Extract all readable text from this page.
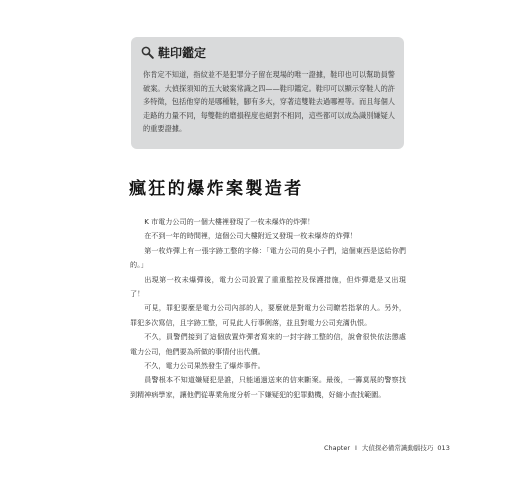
鞋印鑑定
你肯定不知道，指紋並不是犯罪分子留在現場的唯一證據，鞋印也可以幫助員警破案。大偵探須知的五大破案常識之四——鞋印鑑定。鞋印可以顯示穿鞋人的許多特徵，包括他穿的是哪種鞋，腳有多大，穿著這雙鞋去過哪裡等。而且每個人走路的力量不同，每雙鞋的磨損程度也絕對不相同，這些都可以成為識別嫌疑人的重要證據。
瘋狂的爆炸案製造者

K 市電力公司的一個大樓裡發現了一枚未爆炸的炸彈！

在不到一年的時間裡，這個公司大樓附近又發現一枚未爆炸的炸彈！

第一枚炸彈上有一張字跡工整的字條：「電力公司的臭小子們，這個東西是送給你們的。」

出現第一枚未爆彈後，電力公司設置了重重監控及保護措施，但炸彈還是又出現了！

可見，罪犯要麼是電力公司內部的人，要麼就是對電力公司瞭若指掌的人。另外，罪犯多次寫信，且字跡工整，可見此人行事俐落，並且對電力公司充滿仇恨。

不久，員警們接到了這個放置炸彈者寫來的一封字跡工整的信，說會很快依法懲處電力公司，他們要為所做的事情付出代價。

不久，電力公司果然發生了爆炸事件。

員警根本不知道嫌疑犯是誰，只能通過送來的信來斷案。最後，一籌莫展的警察找到精神病學家，讓他們從專業角度分析一下嫌疑犯的犯罪動機，好縮小查找範圍。

Chapter I 大偵探必備常識動腦技巧 013
